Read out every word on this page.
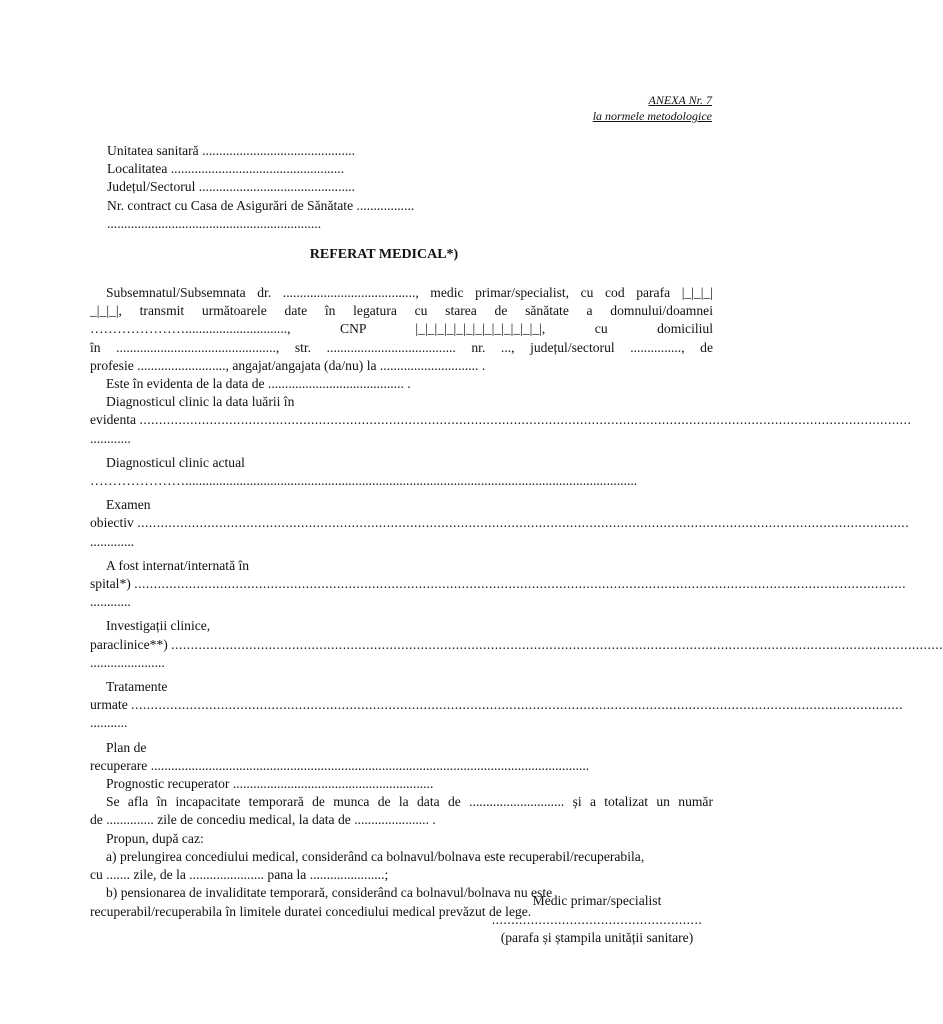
ANEXA Nr. 7
la normele metodologice
Unitatea sanitară .............................................
Localitatea ...................................................
Județul/Sectorul ..............................................
Nr. contract cu Casa de Asigurări de Sănătate .................
...............................................................
REFERAT MEDICAL*)
Subsemnatul/Subsemnata dr. ......................................., medic primar/specialist, cu cod parafa |_|_|_|
_|_|_|, transmit următoarele date în legatura cu starea de sănătate a domnului/doamnei
………………….............................., CNP |_|_|_|_|_|_|_|_|_|_|_|_|_|, cu domiciliul
în ..............................................., str. ...................................... nr. ..., județul/sectorul ..............., de
profesie .........................., angajat/angajata (da/nu) la ............................. .
Este în evidenta de la data de ........................................ .
Diagnosticul clinic la data luării în
evidenta
......................................................................................................................................................................................................
............
Diagnosticul clinic actual
………………….....................................................................................................................................
Examen
obiectiv
......................................................................................................................................................................................................
.............
A fost internat/internată în
spital*)
......................................................................................................................................................................................................
............
Investigații clinice,
paraclinice**)
......................................................................................................................................................................................................
......................
Tratamente
urmate
......................................................................................................................................................................................................
...........
Plan de
recuperare .................................................................................................................................
Prognostic recuperator ...........................................................
Se afla în incapacitate temporară de munca de la data de ............................ și a totalizat un număr
de .............. zile de concediu medical, la data de ...................... .
Propun, după caz:
a) prelungirea concediului medical, considerând ca bolnavul/bolnava este recuperabil/recuperabila,
cu ....... zile, de la ...................... pana la ......................;
b) pensionarea de invaliditate temporară, considerând ca bolnavul/bolnava nu este
recuperabil/recuperabila în limitele duratei concediului medical prevăzut de lege.
Medic primar/specialist
......................................................
(parafa și ștampila unității sanitare)
